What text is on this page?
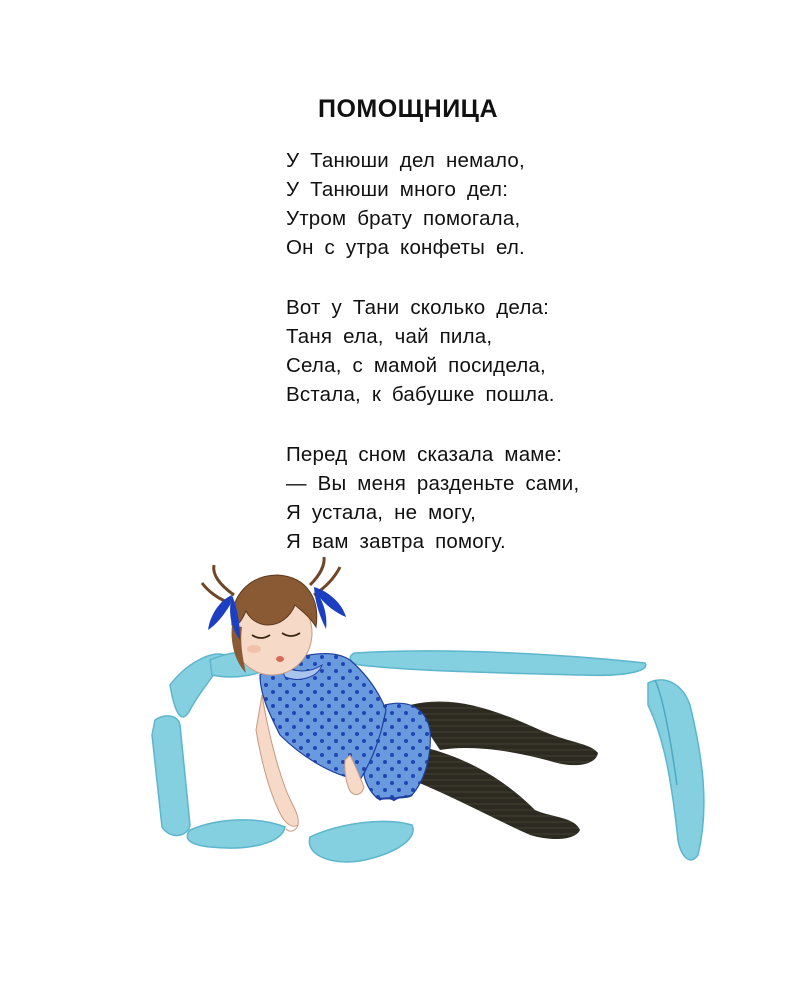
ПОМОЩНИЦА
У Танюши дел немало,
У Танюши много дел:
Утром брату помогала,
Он с утра конфеты ел.
Вот у Тани сколько дела:
Таня ела, чай пила,
Села, с мамой посидела,
Встала, к бабушке пошла.
Перед сном сказала маме:
— Вы меня разденьте сами,
Я устала, не могу,
Я вам завтра помогу.
